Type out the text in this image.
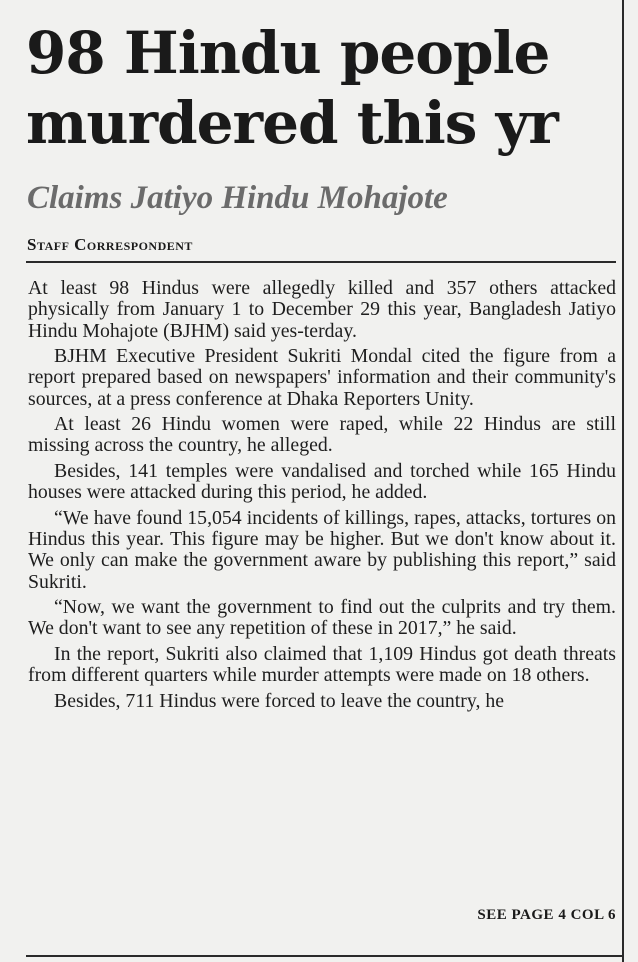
98 Hindu people
murdered this yr
Claims Jatiyo Hindu Mohajote
Staff Correspondent

At least 98 Hindus were allegedly killed and 357 others attacked physically from January 1 to December 29 this year, Bangladesh Jatiyo Hindu Mohajote (BJHM) said yes-terday.

BJHM Executive President Sukriti Mondal cited the figure from a report prepared based on newspapers' information and their community's sources, at a press conference at Dhaka Reporters Unity.

At least 26 Hindu women were raped, while 22 Hindus are still missing across the country, he alleged.

Besides, 141 temples were vandalised and torched while 165 Hindu houses were attacked during this period, he added.

“We have found 15,054 incidents of killings, rapes, attacks, tortures on Hindus this year. This figure may be higher. But we don't know about it. We only can make the government aware by publishing this report,” said Sukriti.

“Now, we want the government to find out the culprits and try them. We don't want to see any repetition of these in 2017,” he said.

In the report, Sukriti also claimed that 1,109 Hindus got death threats from different quarters while murder attempts were made on 18 others.

Besides, 711 Hindus were forced to leave the country, he

SEE PAGE 4 COL 6
